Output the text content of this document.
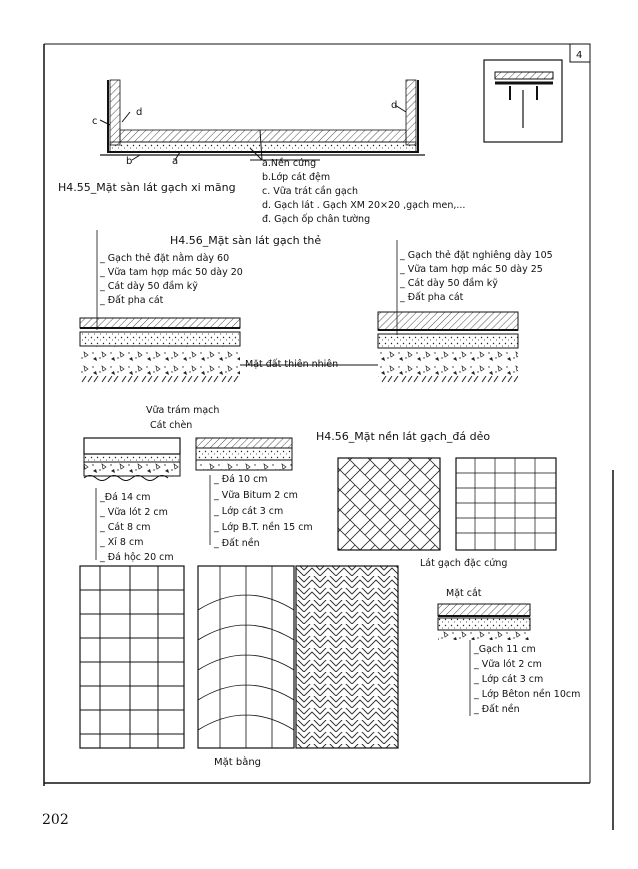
4
c
d
d
b	a
H4.55_Mặt sàn lát gạch xi măng
a.Nền cứng
b.Lớp cát đệm
c. Vữa trát cần gạch
d. Gạch lát . Gạch XM 20×20 ,gạch men,...
đ. Gạch ốp chân tường
H4.56_Mặt sàn lát gạch thẻ
_ Gạch thẻ đặt nằm dày 60
_ Vữa tam hợp mác 50 dày 20
_ Cát dày 50 đầm kỹ
_ Đất pha cát
_ Gạch thẻ đặt nghiêng dày 105
_ Vữa tam hợp mác 50 dày 25
_ Cát dày 50 đầm kỹ
_ Đất pha cát
Mặt đất thiên nhiên
Vữa trám mạch
Cát chèn
H4.56_Mặt nền lát gạch_đá dẻo
_Đá 14 cm
_ Vữa lót 2 cm
_ Cát 8 cm
_ Xỉ 8 cm
_ Đá hộc 20 cm
_ Đá 10 cm
_ Vữa Bitum 2 cm
_ Lớp cát 3 cm
_ Lớp B.T. nền 15 cm
_ Đất nền
Mặt bằng
Lát gạch đặc cứng
Mặt cắt
_Gạch 11 cm
_ Vữa lót 2 cm
_ Lớp cát 3 cm
_ Lớp Bêton nền 10cm
_ Đất nền
202
